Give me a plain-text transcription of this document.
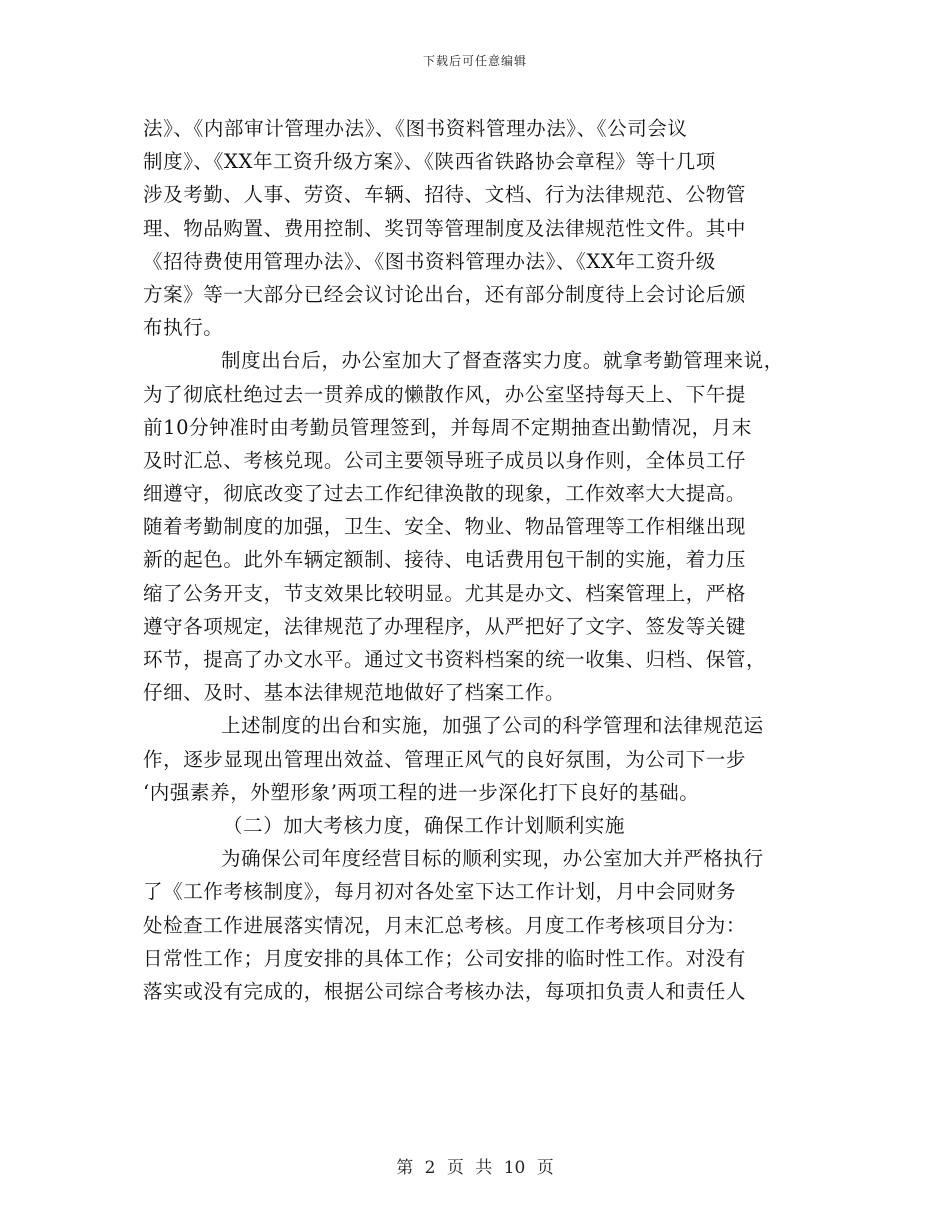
下载后可任意编辑
法》、《内部审计管理办法》、《图书资料管理办法》、《公司会议
制度》、《XX年工资升级方案》、《陕西省铁路协会章程》等十几项
涉及考勤、人事、劳资、车辆、招待、文档、行为法律规范、公物管
理、物品购置、费用控制、奖罚等管理制度及法律规范性文件。其中
《招待费使用管理办法》、《图书资料管理办法》、《XX年工资升级
方案》等一大部分已经会议讨论出台，还有部分制度待上会讨论后颁
布执行。
制度出台后，办公室加大了督查落实力度。就拿考勤管理来说，
为了彻底杜绝过去一贯养成的懒散作风，办公室坚持每天上、下午提
前10分钟准时由考勤员管理签到，并每周不定期抽查出勤情况，月末
及时汇总、考核兑现。公司主要领导班子成员以身作则，全体员工仔
细遵守，彻底改变了过去工作纪律涣散的现象，工作效率大大提高。
随着考勤制度的加强，卫生、安全、物业、物品管理等工作相继出现
新的起色。此外车辆定额制、接待、电话费用包干制的实施，着力压
缩了公务开支，节支效果比较明显。尤其是办文、档案管理上，严格
遵守各项规定，法律规范了办理程序，从严把好了文字、签发等关键
环节，提高了办文水平。通过文书资料档案的统一收集、归档、保管，
仔细、及时、基本法律规范地做好了档案工作。
上述制度的出台和实施，加强了公司的科学管理和法律规范运
作，逐步显现出管理出效益、管理正风气的良好氛围，为公司下一步
‘内强素养，外塑形象’两项工程的进一步深化打下良好的基础。
（二）加大考核力度，确保工作计划顺利实施
为确保公司年度经营目标的顺利实现，办公室加大并严格执行
了《工作考核制度》，每月初对各处室下达工作计划，月中会同财务
处检查工作进展落实情况，月末汇总考核。月度工作考核项目分为：
日常性工作；月度安排的具体工作；公司安排的临时性工作。对没有
落实或没有完成的，根据公司综合考核办法，每项扣负责人和责任人
第 2 页 共 10 页
